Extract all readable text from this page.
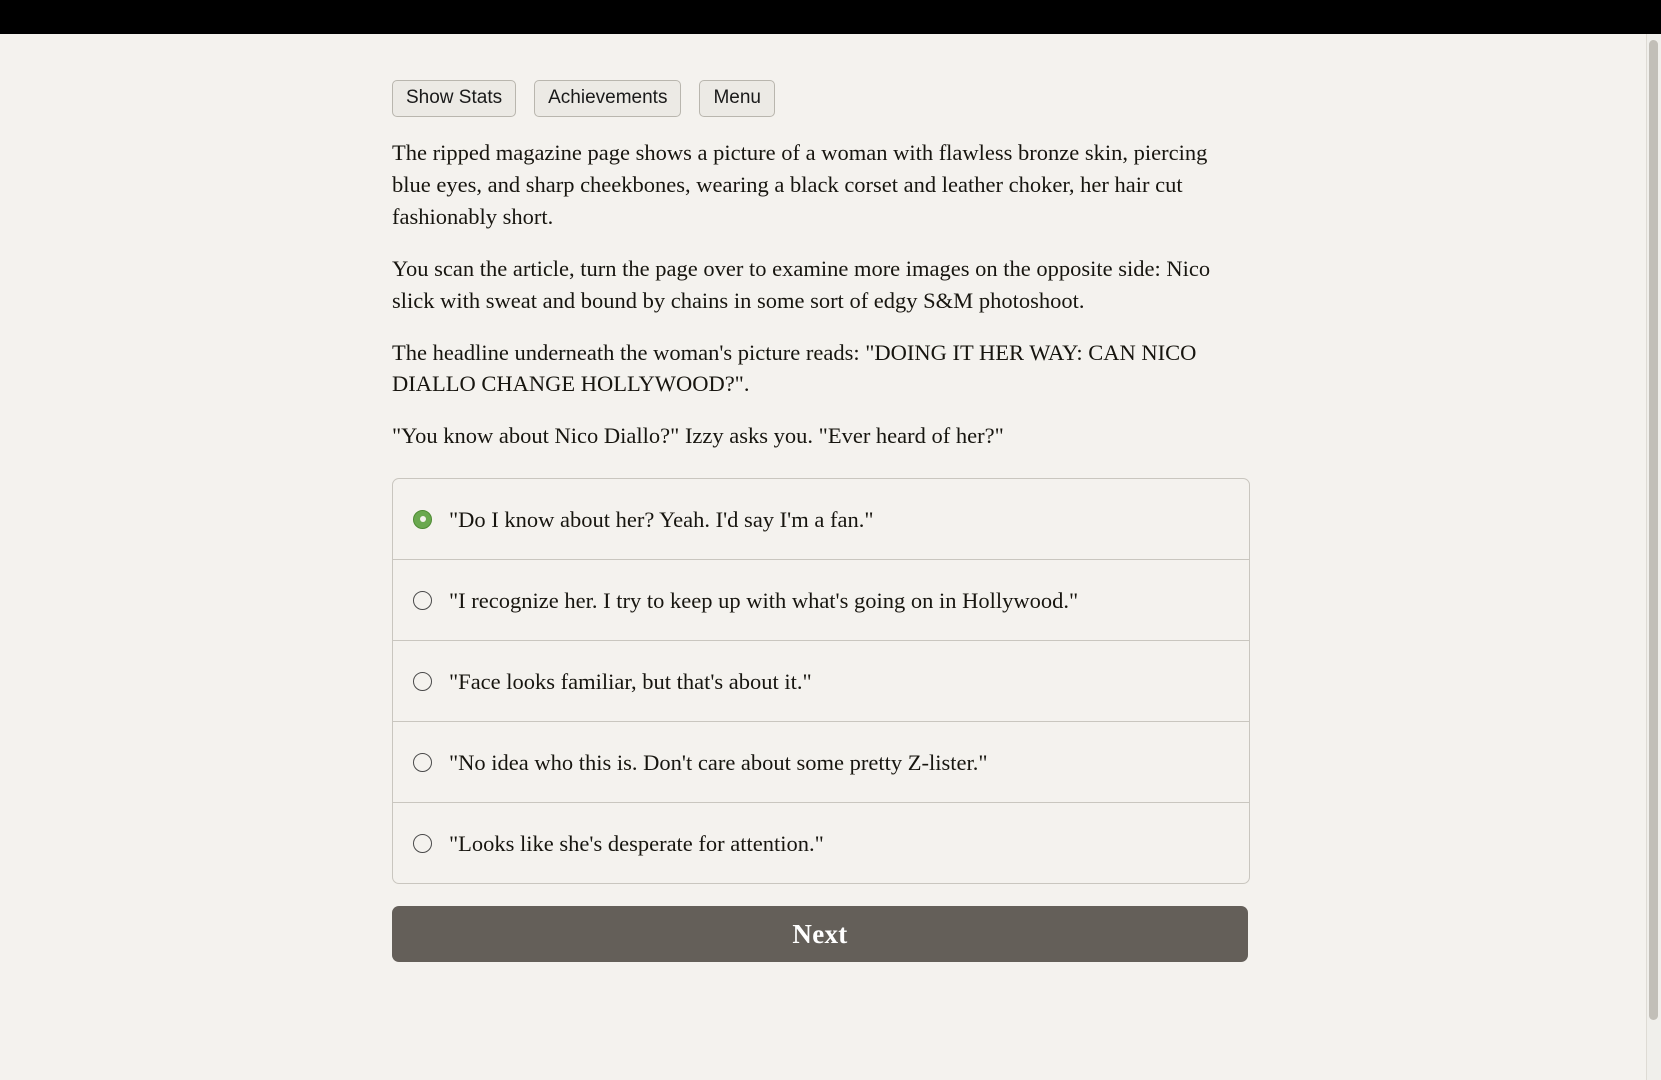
Show Stats	Achievements	Menu

The ripped magazine page shows a picture of a woman with flawless bronze skin, piercing blue eyes, and sharp cheekbones, wearing a black corset and leather choker, her hair cut fashionably short.

You scan the article, turn the page over to examine more images on the opposite side: Nico slick with sweat and bound by chains in some sort of edgy S&M photoshoot.

The headline underneath the woman's picture reads: "DOING IT HER WAY: CAN NICO DIALLO CHANGE HOLLYWOOD?".

"You know about Nico Diallo?" Izzy asks you. "Ever heard of her?"

"Do I know about her? Yeah. I'd say I'm a fan."
"I recognize her. I try to keep up with what's going on in Hollywood."
"Face looks familiar, but that's about it."
"No idea who this is. Don't care about some pretty Z-lister."
"Looks like she's desperate for attention."
Next
